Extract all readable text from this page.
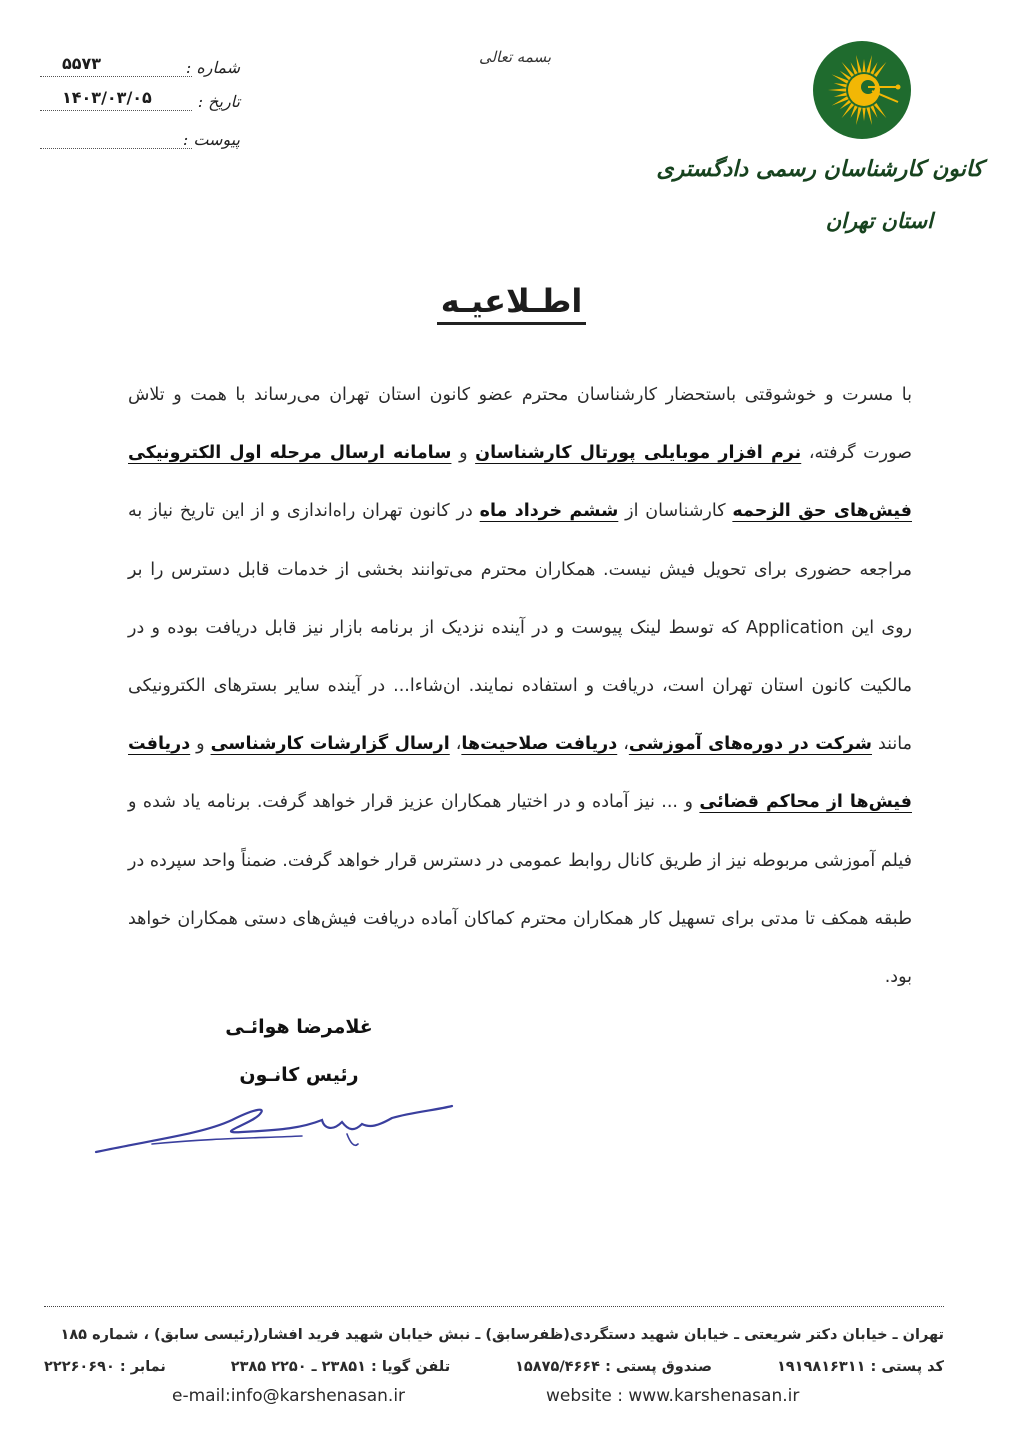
شماره :
۵۵۷۳
تاریخ :
۱۴۰۳/۰۳/۰۵
پیوست :
بسمه تعالی
کانون کارشناسان رسمی دادگستری
استان تهران
اطـلاعیـه
با مسرت و خوشوقتی باستحضار کارشناسان محترم عضو کانون استان تهران می‌رساند با همت و تلاش صورت گرفته، نرم افزار موبایلی پورتال کارشناسان و سامانه ارسال مرحله اول الکترونیکی فیش‌های حق الزحمه کارشناسان از ششم خرداد ماه در کانون تهران راه‌اندازی و از این تاریخ نیاز به مراجعه حضوری برای تحویل فیش نیست. همکاران محترم می‌توانند بخشی از خدمات قابل دسترس را بر روی این Application که توسط لینک پیوست و در آینده نزدیک از برنامه بازار نیز قابل دریافت بوده و در مالکیت کانون استان تهران است، دریافت و استفاده نمایند. ان‌شاءا... در آینده سایر بسترهای الکترونیکی مانند شرکت در دوره‌های آموزشی، دریافت صلاحیت‌ها، ارسال گزارشات کارشناسی و دریافت فیش‌ها از محاکم قضائی و ... نیز آماده و در اختیار همکاران عزیز قرار خواهد گرفت. برنامه یاد شده و فیلم آموزشی مربوطه نیز از طریق کانال روابط عمومی در دسترس قرار خواهد گرفت. ضمناً واحد سپرده در طبقه همکف تا مدتی برای تسهیل کار همکاران محترم کماکان آماده دریافت فیش‌های دستی همکاران خواهد بود.
غلامرضا هوائـی
رئیس کانـون
تهران ـ خیابان دکتر شریعتی ـ خیابان شهید دستگردی(ظفرسابق) ـ نبش خیابان شهید فرید افشار(رئیسی سابق) ، شماره ۱۸۵
کد پستی : ۱۹۱۹۸۱۶۳۱۱
صندوق پستی : ۱۵۸۷۵/۴۶۶۴
تلفن گویا : ۲۳۸۵۱ ـ ۲۲۵۰ ۲۳۸۵
نمابر : ۲۲۲۶۰۶۹۰
e-mail:info@karshenasan.ir	website : www.karshenasan.ir
